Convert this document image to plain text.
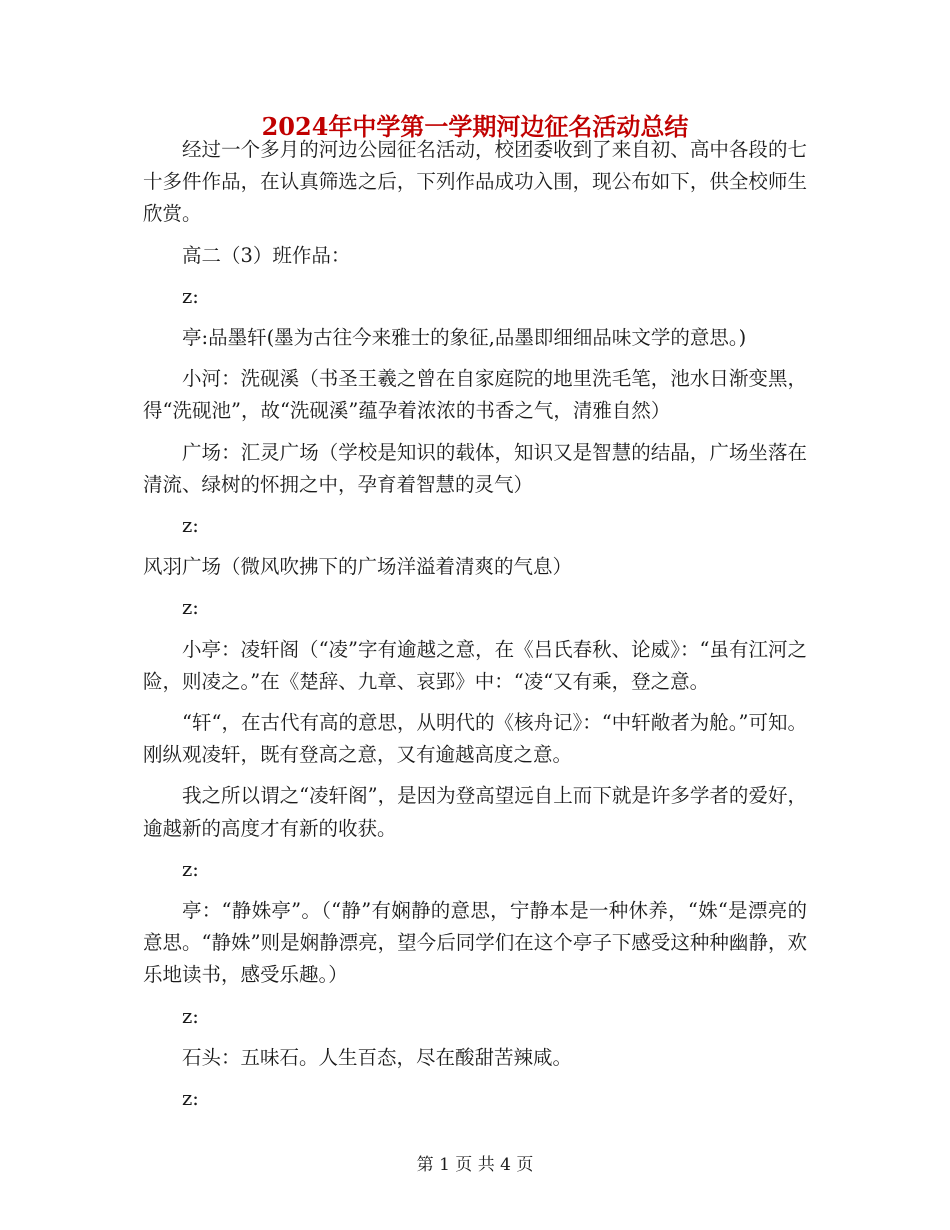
2024年中学第一学期河边征名活动总结

经过一个多月的河边公园征名活动，校团委收到了来自初、高中各段的七十多件作品，在认真筛选之后，下列作品成功入围，现公布如下，供全校师生欣赏。

高二（3）班作品：

z:

亭:品墨轩(墨为古往今来雅士的象征,品墨即细细品味文学的意思。)

小河：洗砚溪（书圣王羲之曾在自家庭院的地里洗毛笔，池水日渐变黑，得“洗砚池”，故“洗砚溪”蕴孕着浓浓的书香之气，清雅自然）

广场：汇灵广场（学校是知识的载体，知识又是智慧的结晶，广场坐落在清流、绿树的怀拥之中，孕育着智慧的灵气）

z:

风羽广场（微风吹拂下的广场洋溢着清爽的气息）

z:

小亭：凌轩阁（“凌”字有逾越之意，在《吕氏春秋、论威》：“虽有江河之险，则凌之。”在《楚辞、九章、哀郢》中：“凌“又有乘，登之意。

“轩“，在古代有高的意思，从明代的《核舟记》：“中轩敞者为舱。”可知。刚纵观凌轩，既有登高之意，又有逾越高度之意。

我之所以谓之“凌轩阁”，是因为登高望远自上而下就是许多学者的爱好，逾越新的高度才有新的收获。

z:

亭：“静姝亭”。（“静”有娴静的意思，宁静本是一种休养，“姝“是漂亮的意思。“静姝”则是娴静漂亮，望今后同学们在这个亭子下感受这种种幽静，欢乐地读书，感受乐趣。）

z:

石头：五味石。人生百态，尽在酸甜苦辣咸。

z:

第 1 页 共 4 页
